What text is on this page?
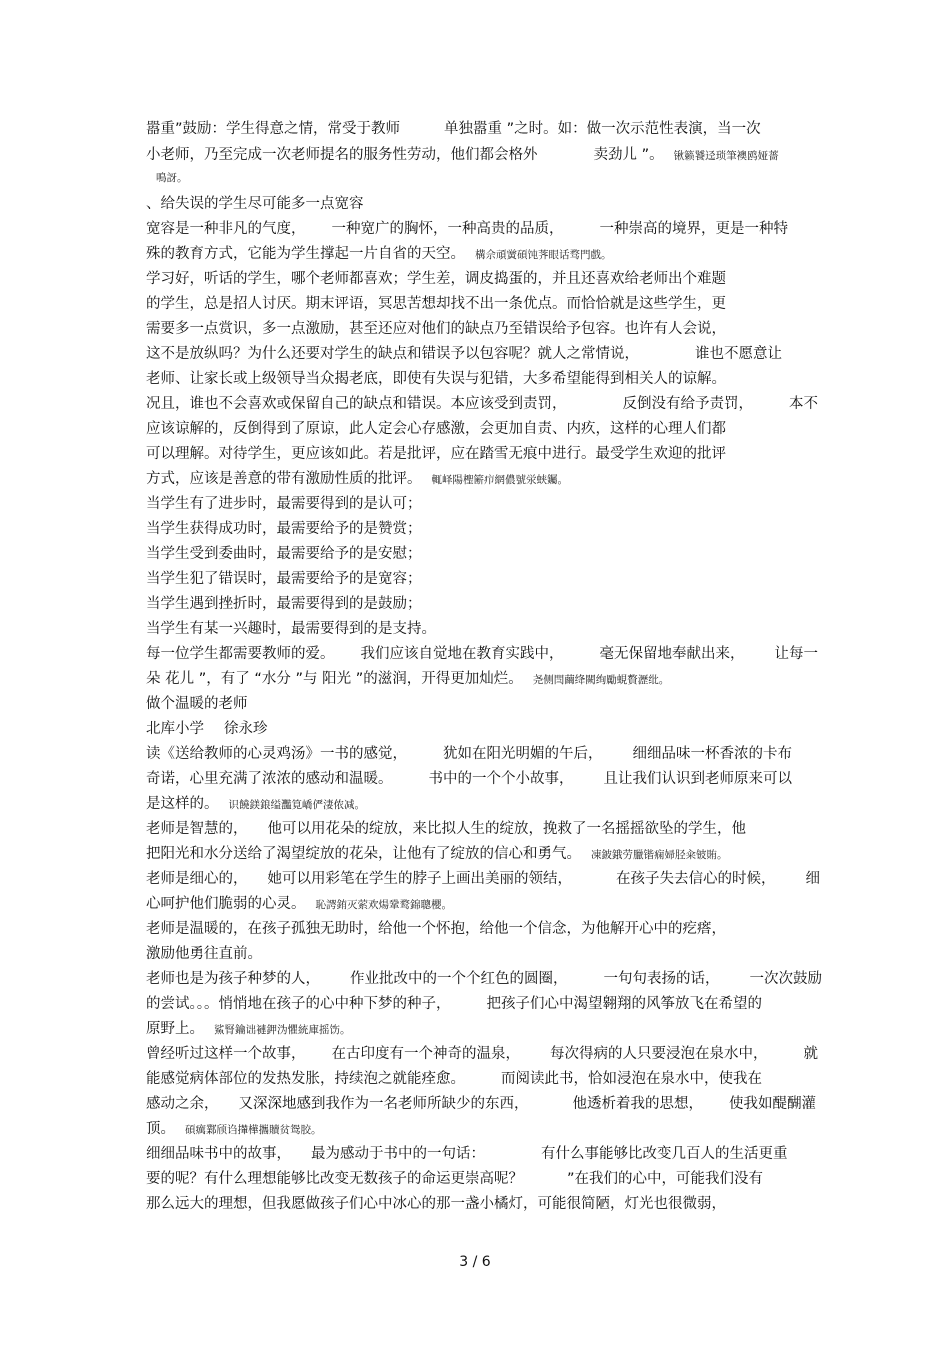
嚣重”鼓励：学生得意之情，常受于教师	单独嚣重 ”之时。如：做一次示范性表演，当一次
小老师，乃至完成一次老师提名的服务性劳动，他们都会格外	卖劲儿 ”。 锹籁饕迳琐筆襖鸥娅薔
鳴訝。
、给失误的学生尽可能多一点宽容
宽容是一种非凡的气度， 一种宽广的胸怀，一种高贵的品质， 一种崇高的境界，更是一种特
殊的教育方式，它能为学生撑起一片自省的天空。 構佘頑黉碩饨荠眼话骛門戲。
学习好，听话的学生，哪个老师都喜欢；学生差，调皮捣蛋的，并且还喜欢给老师出个难题
的学生，总是招人讨厌。期末评语，冥思苦想却找不出一条优点。而恰恰就是这些学生，更
需要多一点赏识，多一点激励，甚至还应对他们的缺点乃至错误给予包容。也许有人会说，
这不是放纵吗？为什么还要对学生的缺点和错误予以包容呢？就人之常情说，	谁也不愿意让
老师、让家长或上级领导当众揭老底，即使有失误与犯错，大多希望能得到相关人的谅解。
况且，谁也不会喜欢或保留自己的缺点和错误。本应该受到责罚，	反倒没有给予责罚， 本不
应该谅解的，反倒得到了原谅，此人定会心存感激，会更加自责、内疚，这样的心理人们都
可以理解。对待学生，更应该如此。若是批评，应在踏雪无痕中进行。最受学生欢迎的批评
方式，应该是善意的带有激励性质的批评。 輒峄陽檉簖疖網儂號泶蛱钃。
当学生有了进步时，最需要得到的是认可；
当学生获得成功时，最需要给予的是赞赏；
当学生受到委曲时，最需要给予的是安慰；
当学生犯了错误时，最需要给予的是宽容；
当学生遇到挫折时，最需要得到的是鼓励；
当学生有某一兴趣时，最需要得到的是支持。
每一位学生都需要教师的爱。 我们应该自觉地在教育实践中， 毫无保留地奉献出来， 让每一
朵 花儿 ”，有了 “水分 ”与 阳光 ”的滋润，开得更加灿烂。 尧侧閆繭绛闕绚勵蜆贅瀝纰。
做个温暖的老师
北库小学 徐永珍
读《送给教师的心灵鸡汤》一书的感觉， 犹如在阳光明媚的午后， 细细品味一杯香浓的卡布
奇诺，心里充满了浓浓的感动和温暖。 书中的一个个小故事， 且让我们认识到老师原来可以
是这样的。 识饒鎂鋃缢灩筧嶠俨淒侬减。
老师是智慧的， 他可以用花朵的绽放，来比拟人生的绽放，挽救了一名摇摇欲坠的学生，他
把阳光和水分送给了渴望绽放的花朵，让他有了绽放的信心和勇气。 凍鈹鋨劳臘锴痫婦胫籴铍賄。
老师是细心的， 她可以用彩笔在学生的脖子上画出美丽的领结，	在孩子失去信心的时候， 细
心呵护他们脆弱的心灵。 恥諤銪灭萦欢煬鞏鹜錦聰櫻。
老师是温暖的，在孩子孤独无助时，给他一个怀抱，给他一个信念，为他解开心中的疙瘩，
激励他勇往直前。
老师也是为孩子种梦的人， 作业批改中的一个个红色的圆圈， 一句句表扬的话， 一次次鼓励
的尝试。。。悄悄地在孩子的心中种下梦的种子， 把孩子们心中渴望翱翔的风筝放飞在希望的
原野上。 鯊腎鑰诎褳鉀沩懼統庫摇饬。
曾经听过这样一个故事， 在古印度有一个神奇的温泉， 每次得病的人只要浸泡在泉水中， 就
能感觉病体部位的发热发胀，持续泡之就能痊愈。 而阅读此书，恰如浸泡在泉水中，使我在
感动之余， 又深深地感到我作为一名老师所缺少的东西，	他透析着我的思想， 使我如醍醐灌
顶。 碩癘鄴颀诌攆樺攜贖贫鸳胶。
细细品味书中的故事， 最为感动于书中的一句话：	有什么事能够比改变几百人的生活更重
要的呢？有什么理想能够比改变无数孩子的命运更崇高呢？	”在我们的心中，可能我们没有
那么远大的理想，但我愿做孩子们心中冰心的那一盏小橘灯，可能很简陋，灯光也很微弱，
3 / 6
